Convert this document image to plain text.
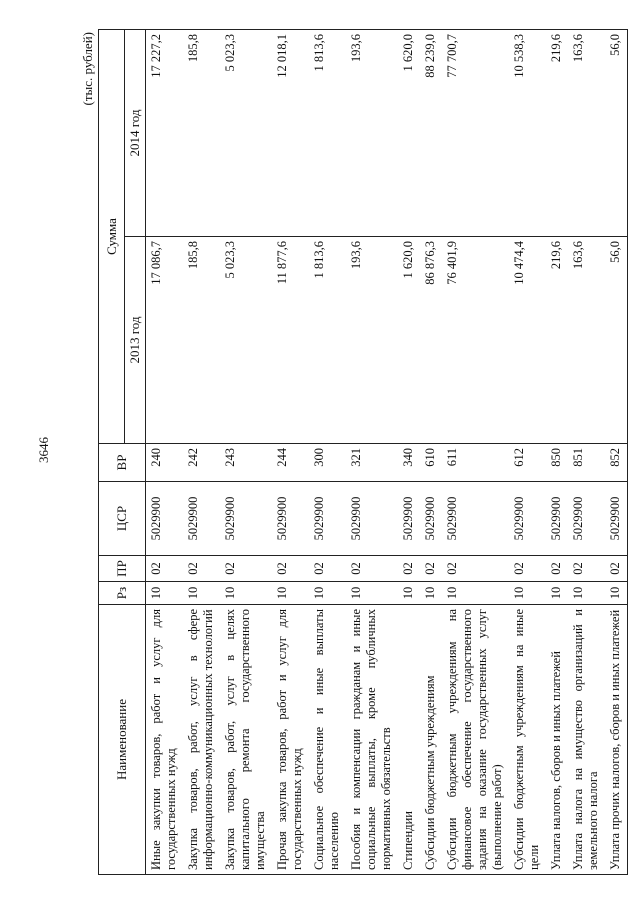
3646
(тыс. рублей)
Наименование	Рз	ПР	ЦСР	ВР	Сумма	
					2013 год	2014 год
Иные закупки товаров, работ и услуг для государственных нужд	10	02	5029900	240	17 086,7	17 227,2
Закупка товаров, работ, услуг в сфере информационно-коммуникационных технологий	10	02	5029900	242	185,8	185,8
Закупка товаров, работ, услуг в целях капитального ремонта государственного имущества	10	02	5029900	243	5 023,3	5 023,3
Прочая закупка товаров, работ и услуг для государственных нужд	10	02	5029900	244	11 877,6	12 018,1
Социальное обеспечение и иные выплаты населению	10	02	5029900	300	1 813,6	1 813,6
Пособия и компенсации гражданам и иные социальные выплаты, кроме публичных нормативных обязательств	10	02	5029900	321	193,6	193,6
Стипендии	10	02	5029900	340	1 620,0	1 620,0
Субсидии бюджетным учреждениям	10	02	5029900	610	86 876,3	88 239,0
Субсидии бюджетным учреждениям на финансовое обеспечение государственного задания на оказание государственных услуг (выполнение работ)	10	02	5029900	611	76 401,9	77 700,7
Субсидии бюджетным учреждениям на иные цели	10	02	5029900	612	10 474,4	10 538,3
Уплата налогов, сборов и иных платежей	10	02	5029900	850	219,6	219,6
Уплата налога на имущество организаций и земельного налога	10	02	5029900	851	163,6	163,6
Уплата прочих налогов, сборов и иных платежей	10	02	5029900	852	56,0	56,0
